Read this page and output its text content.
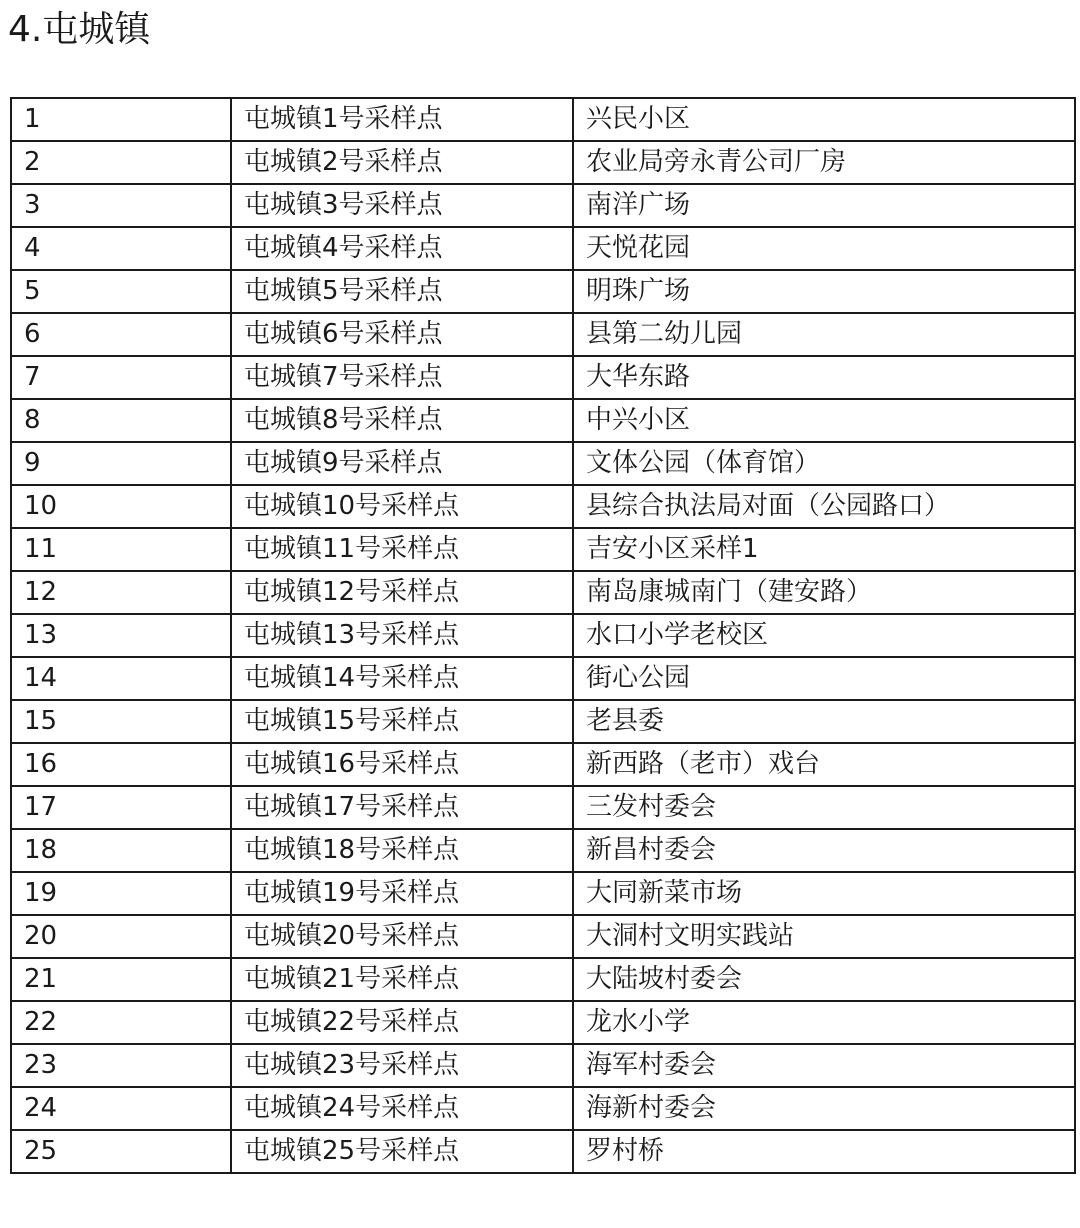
4.屯城镇
1	屯城镇1号采样点	兴民小区
2	屯城镇2号采样点	农业局旁永青公司厂房
3	屯城镇3号采样点	南洋广场
4	屯城镇4号采样点	天悦花园
5	屯城镇5号采样点	明珠广场
6	屯城镇6号采样点	县第二幼儿园
7	屯城镇7号采样点	大华东路
8	屯城镇8号采样点	中兴小区
9	屯城镇9号采样点	文体公园（体育馆）
10	屯城镇10号采样点	县综合执法局对面（公园路口）
11	屯城镇11号采样点	吉安小区采样1
12	屯城镇12号采样点	南岛康城南门（建安路）
13	屯城镇13号采样点	水口小学老校区
14	屯城镇14号采样点	街心公园
15	屯城镇15号采样点	老县委
16	屯城镇16号采样点	新西路（老市）戏台
17	屯城镇17号采样点	三发村委会
18	屯城镇18号采样点	新昌村委会
19	屯城镇19号采样点	大同新菜市场
20	屯城镇20号采样点	大洞村文明实践站
21	屯城镇21号采样点	大陆坡村委会
22	屯城镇22号采样点	龙水小学
23	屯城镇23号采样点	海军村委会
24	屯城镇24号采样点	海新村委会
25	屯城镇25号采样点	罗村桥
